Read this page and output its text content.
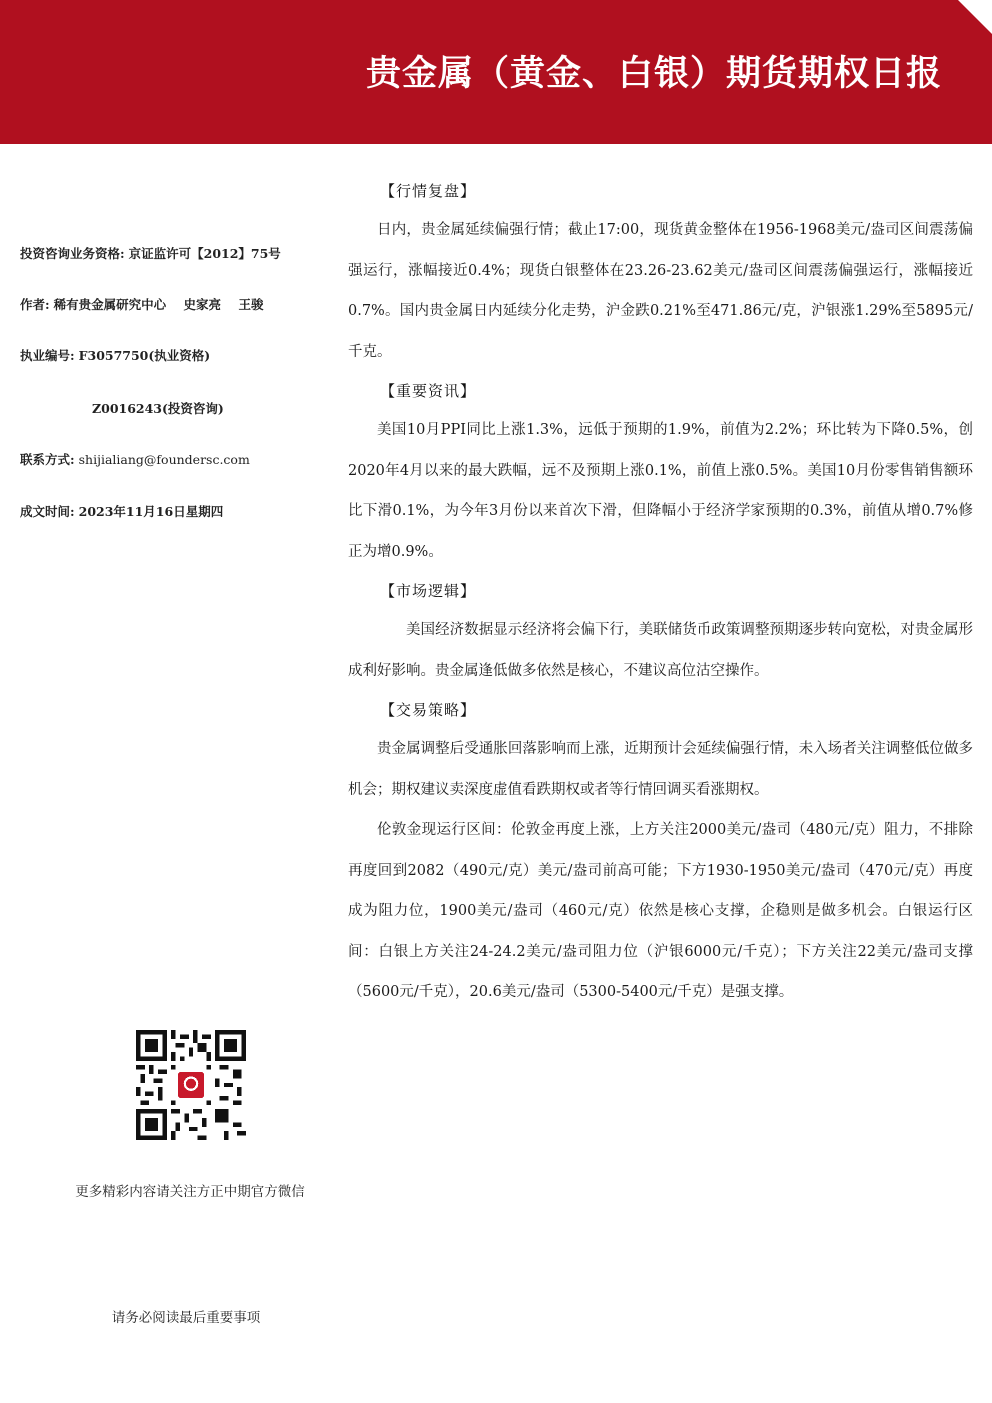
贵金属（黄金、白银）期货期权日报
投资咨询业务资格: 京证监许可【2012】75号
作者: 稀有贵金属研究中心    史家亮    王骏
执业编号: F3057750(执业资格)
Z0016243(投资咨询)
联系方式: shijialiang@foundersc.com
成文时间: 2023年11月16日星期四
更多精彩内容请关注方正中期官方微信
请务必阅读最后重要事项
【行情复盘】

日内，贵金属延续偏强行情；截止17:00，现货黄金整体在1956-1968美元/盎司区间震荡偏强运行，涨幅接近0.4%；现货白银整体在23.26-23.62美元/盎司区间震荡偏强运行，涨幅接近0.7%。国内贵金属日内延续分化走势，沪金跌0.21%至471.86元/克，沪银涨1.29%至5895元/千克。

【重要资讯】

美国10月PPI同比上涨1.3%，远低于预期的1.9%，前值为2.2%；环比转为下降0.5%，创2020年4月以来的最大跌幅，远不及预期上涨0.1%，前值上涨0.5%。美国10月份零售销售额环比下滑0.1%，为今年3月份以来首次下滑，但降幅小于经济学家预期的0.3%，前值从增0.7%修正为增0.9%。

【市场逻辑】

美国经济数据显示经济将会偏下行，美联储货币政策调整预期逐步转向宽松，对贵金属形成利好影响。贵金属逢低做多依然是核心，不建议高位沽空操作。

【交易策略】

贵金属调整后受通胀回落影响而上涨，近期预计会延续偏强行情，未入场者关注调整低位做多机会；期权建议卖深度虚值看跌期权或者等行情回调买看涨期权。

伦敦金现运行区间：伦敦金再度上涨，上方关注2000美元/盎司（480元/克）阻力，不排除再度回到2082（490元/克）美元/盎司前高可能；下方1930-1950美元/盎司（470元/克）再度成为阻力位，1900美元/盎司（460元/克）依然是核心支撑，企稳则是做多机会。白银运行区间：白银上方关注24-24.2美元/盎司阻力位（沪银6000元/千克）；下方关注22美元/盎司支撑（5600元/千克），20.6美元/盎司（5300-5400元/千克）是强支撑。
